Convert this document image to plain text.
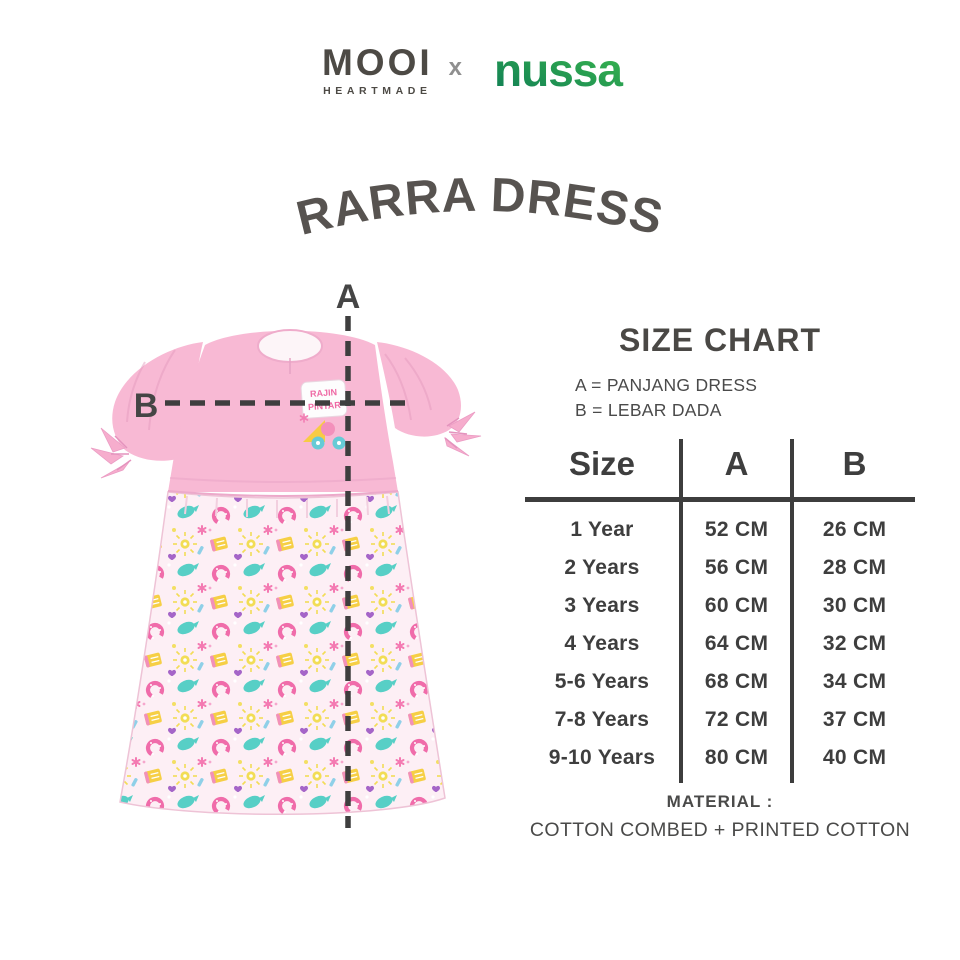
MOOI
HEARTMADE
x nussa
RARRA DRESS
RAJIN
PINTAR
A
B
SIZE CHART

A = PANJANG DRESS

B = LEBAR DADA

Size	A	B
1 Year	52 CM	26 CM
2 Years	56 CM	28 CM
3 Years	60 CM	30 CM
4 Years	64 CM	32 CM
5-6 Years	68 CM	34 CM
7-8 Years	72 CM	37 CM
9-10 Years	80 CM	40 CM

MATERIAL :

COTTON COMBED + PRINTED COTTON
